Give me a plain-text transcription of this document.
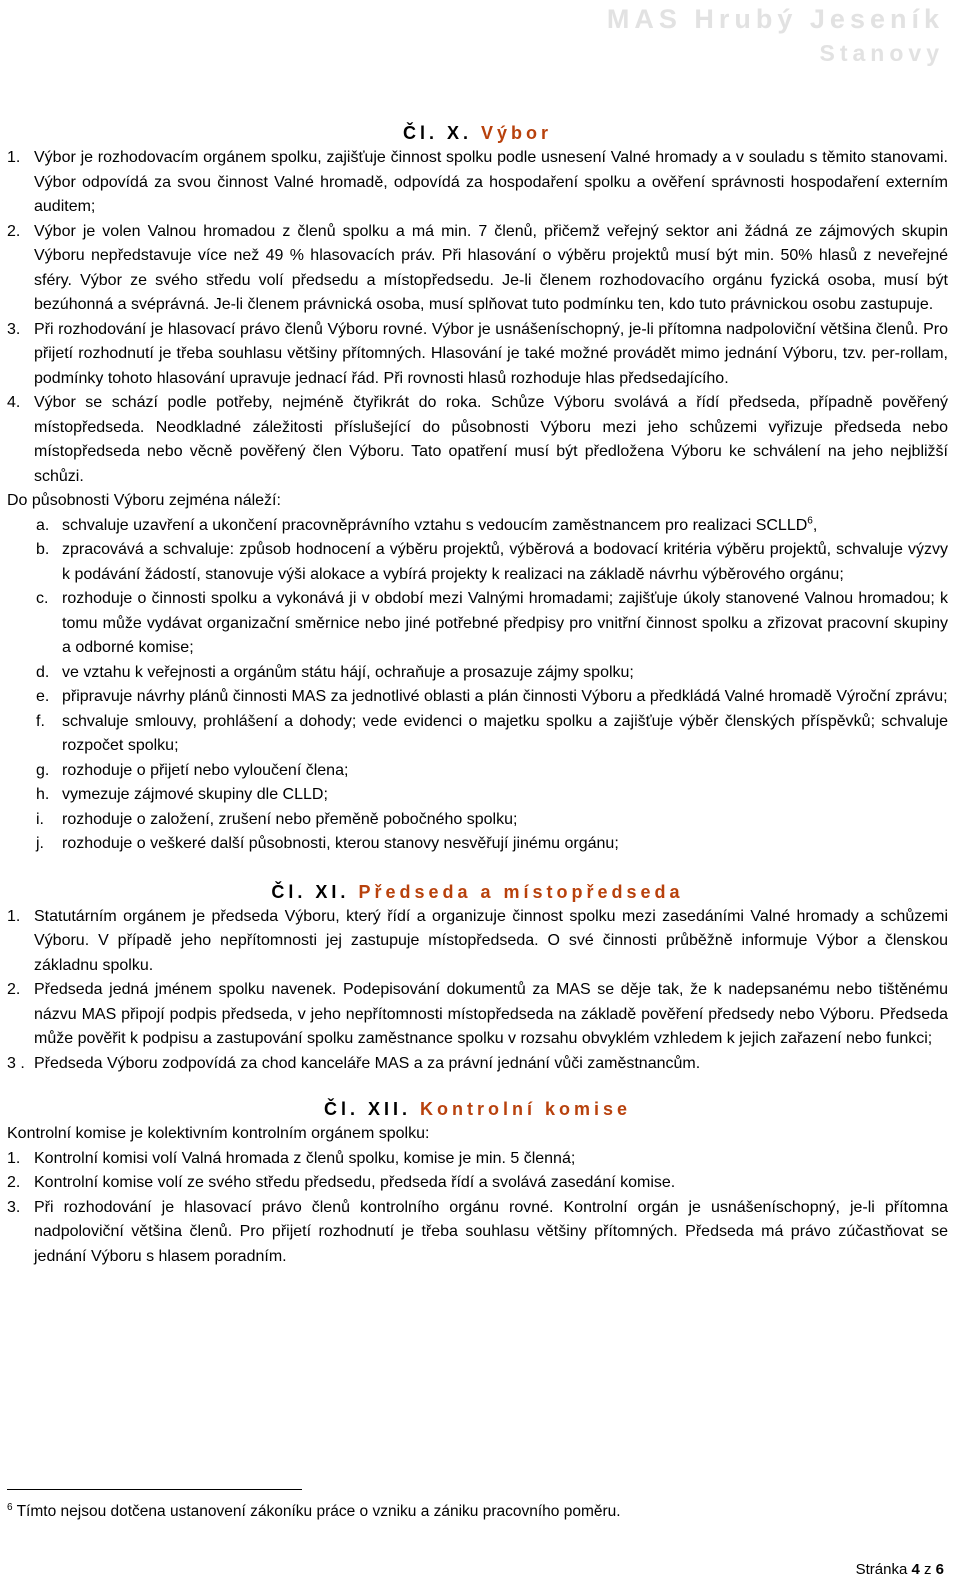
MAS Hrubý Jeseník
Stanovy
Čl. X. Výbor
1. Výbor je rozhodovacím orgánem spolku, zajišťuje činnost spolku podle usnesení Valné hromady a v souladu s těmito stanovami. Výbor odpovídá za svou činnost Valné hromadě, odpovídá za hospodaření spolku a ověření správnosti hospodaření externím auditem;
2. Výbor je volen Valnou hromadou z členů spolku a má min. 7 členů, přičemž veřejný sektor ani žádná ze zájmových skupin Výboru nepředstavuje více než 49 % hlasovacích práv. Při hlasování o výběru projektů musí být min. 50% hlasů z neveřejné sféry. Výbor ze svého středu volí předsedu a místopředsedu. Je-li členem rozhodovacího orgánu fyzická osoba, musí být bezúhonná a svéprávná. Je-li členem právnická osoba, musí splňovat tuto podmínku ten, kdo tuto právnickou osobu zastupuje.
3. Při rozhodování je hlasovací právo členů Výboru rovné. Výbor je usnášeníschopný, je-li přítomna nadpoloviční většina členů. Pro přijetí rozhodnutí je třeba souhlasu většiny přítomných. Hlasování je také možné provádět mimo jednání Výboru, tzv. per-rollam, podmínky tohoto hlasování upravuje jednací řád. Při rovnosti hlasů rozhoduje hlas předsedajícího.
4. Výbor se schází podle potřeby, nejméně čtyřikrát do roka. Schůze Výboru svolává a řídí předseda, případně pověřený místopředseda. Neodkladné záležitosti příslušející do působnosti Výboru mezi jeho schůzemi vyřizuje předseda nebo místopředseda nebo věcně pověřený člen Výboru. Tato opatření musí být předložena Výboru ke schválení na jeho nejbližší schůzi.
Do působnosti Výboru zejména náleží:
a. schvaluje uzavření a ukončení pracovněprávního vztahu s vedoucím zaměstnancem pro realizaci SCLLD$^6$,
b. zpracovává a schvaluje: způsob hodnocení a výběru projektů, výběrová a bodovací kritéria výběru projektů, schvaluje výzvy k podávání žádostí, stanovuje výši alokace a vybírá projekty k realizaci na základě návrhu výběrového orgánu;
c. rozhoduje o činnosti spolku a vykonává ji v období mezi Valnými hromadami; zajišťuje úkoly stanovené Valnou hromadou; k tomu může vydávat organizační směrnice nebo jiné potřebné předpisy pro vnitřní činnost spolku a zřizovat pracovní skupiny a odborné komise;
d. ve vztahu k veřejnosti a orgánům státu hájí, ochraňuje a prosazuje zájmy spolku;
e. připravuje návrhy plánů činnosti MAS za jednotlivé oblasti a plán činnosti Výboru a předkládá Valné hromadě Výroční zprávu;
f. schvaluje smlouvy, prohlášení a dohody; vede evidenci o majetku spolku a zajišťuje výběr členských příspěvků; schvaluje rozpočet spolku;
g. rozhoduje o přijetí nebo vyloučení člena;
h. vymezuje zájmové skupiny dle CLLD;
i. rozhoduje o založení, zrušení nebo přeměně pobočného spolku;
j. rozhoduje o veškeré další působnosti, kterou stanovy nesvěřují jinému orgánu;
Čl. XI. Předseda a místopředseda
1. Statutárním orgánem je předseda Výboru, který řídí a organizuje činnost spolku mezi zasedáními Valné hromady a schůzemi Výboru. V případě jeho nepřítomnosti jej zastupuje místopředseda. O své činnosti průběžně informuje Výbor a členskou základnu spolku.
2. Předseda jedná jménem spolku navenek. Podepisování dokumentů za MAS se děje tak, že k nadepsanému nebo tištěnému názvu MAS připojí podpis předseda, v jeho nepřítomnosti místopředseda na základě pověření předsedy nebo Výboru. Předseda může pověřit k podpisu a zastupování spolku zaměstnance spolku v rozsahu obvyklém vzhledem k jejich zařazení nebo funkci;
3 . Předseda Výboru zodpovídá za chod kanceláře MAS a za právní jednání vůči zaměstnancům.
Čl. XII. Kontrolní komise
Kontrolní komise je kolektivním kontrolním orgánem spolku:
1. Kontrolní komisi volí Valná hromada z členů spolku, komise je min. 5 členná;
2. Kontrolní komise volí ze svého středu předsedu, předseda řídí a svolává zasedání komise.
3. Při rozhodování je hlasovací právo členů kontrolního orgánu rovné. Kontrolní orgán je usnášeníschopný, je-li přítomna nadpoloviční většina členů. Pro přijetí rozhodnutí je třeba souhlasu většiny přítomných. Předseda má právo zúčastňovat se jednání Výboru s hlasem poradním.
$^6$ Tímto nejsou dotčena ustanovení zákoníku práce o vzniku a zániku pracovního poměru.
Stránka 4 z 6
